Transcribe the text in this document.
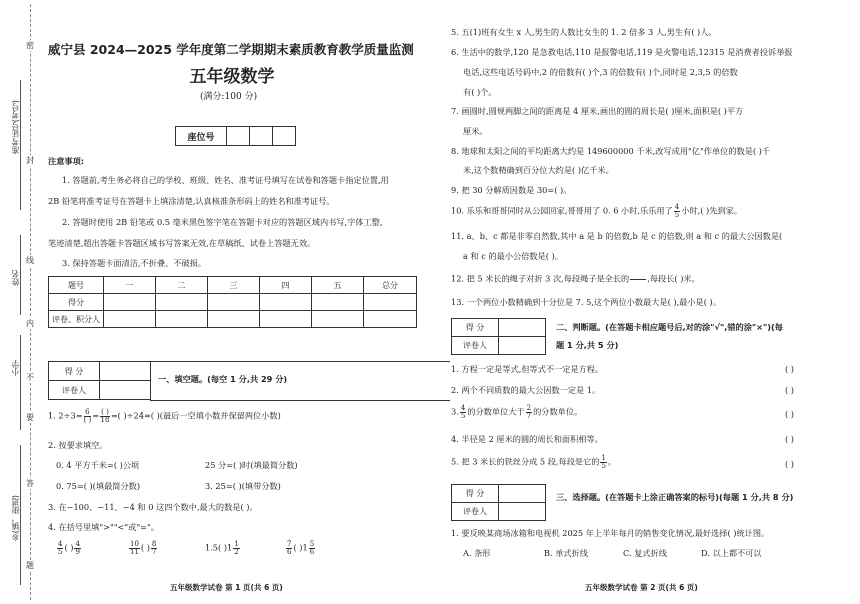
准考证号(考号)
姓名
小学
乡(镇、街道)
密
封
线
内
不
要
答
题
威宁县 2024—2025 学年度第二学期期末素质教育教学质量监测
五年级数学
(满分:100 分)
座位号			
注意事项:
1. 答题前,考生务必将自己的学校、班级、姓名、准考证号填写在试卷和答题卡指定位置,用
2B 铅笔将准考证号在答题卡上填涂清楚,认真核准条形码上的姓名和准考证号。
2. 答题时使用 2B 铅笔或 0.5 毫米黑色签字笔在答题卡对应的答题区域内书写,字体工整,
笔迹清楚,超出答题卡答题区域书写答案无效,在草稿纸、试卷上答题无效。
3. 保持答题卡面清洁,不折叠、不破损。
题号	一	二	三	四	五	总分
得分						
评卷、积分人						
得 分	
评卷人	
一、填空题。(每空 1 分,共 29 分)
1. $2\div 3= \frac{6}{( )} = \frac{( )}{18}$ =( )÷24≈( )(最后一空填小数并保留两位小数)
2. 按要求填空。
0. 4 平方千米=( )公顷	25 分=( )时(填最简分数)
0. 75=( )(填最简分数)	3. 25=( )(填带分数)
3. 在−100、−11、−4 和 0 这四个数中,最大的数是( )。
4. 在括号里填">""<"或"="。
$\frac{4}{5}$ ( ) $\frac{4}{9}$	$\frac{10}{11}$ ( ) $\frac{8}{7}$	1.5( )$1 \frac{1}{2}$	$\frac{7}{6}$ ( )$1 \frac{5}{6}$
五年级数学试卷 第 1 页(共 6 页)
5. 五(1)班有女生 x 人,男生的人数比女生的 1. 2 倍多 3 人,男生有( )人。
6. 生活中的数学,120 是急救电话,110 是报警电话,119 是火警电话,12315 是消费者投诉举报
电话,这些电话号码中,2 的倍数有( )个,3 的倍数有( )个,同时是 2,3,5 的倍数
有( )个。
7. 画圆时,圆规两脚之间的距离是 4 厘米,画出的圆的周长是( )厘米,面积是( )平方
厘米。
8. 地球和太阳之间的平均距离大约是 149600000 千米,改写成用"亿"作单位的数是( )千
米,这个数精确到百分位大约是( )亿千米。
9. 把 30 分解质因数是 30=( )。
10. 乐乐和哥哥同时从公园回家,哥哥用了 0. 6 小时,乐乐用了 $\frac{4}{5}$ 小时,( )先到家。
11. a、b、c 都是非零自然数,其中 a 是 b 的倍数,b 是 c 的倍数,则 a 和 c 的最大公因数是(
a 和 c 的最小公倍数是( )。
12. 把 5 米长的绳子对折 3 次,每段绳子是全长的

  ,每段长( )米。
13. 一个两位小数精确到十分位是 7. 5,这个两位小数最大是( ),最小是( )。
得 分	
评卷人	
二、判断题。(在答题卡相应题号后,对的涂"√",错的涂"×")(每
题 1 分,共 5 分)
1. 方程一定是等式,但等式不一定是方程。	( )
2. 两个不同质数的最大公因数一定是 1。	( )
3. $\frac{4}{5}$ 的分数单位大于 $\frac{2}{7}$ 的分数单位。	( )
4. 半径是 2 厘米的圆的周长和面积相等。	( )
5. 把 3 米长的铁丝分成 5 段,每段是它的 $\frac{1}{5}$ 。	( )
得 分	
评卷人	
三、选择题。(在答题卡上涂正确答案的标号)(每题 1 分,共 8 分)
1. 要反映某商场冰箱和电视机 2025 年上半年每月的销售变化情况,最好选择( )统计图。
A. 条形	B. 单式折线	C. 复式折线	D. 以上都不可以
五年级数学试卷 第 2 页(共 6 页)
